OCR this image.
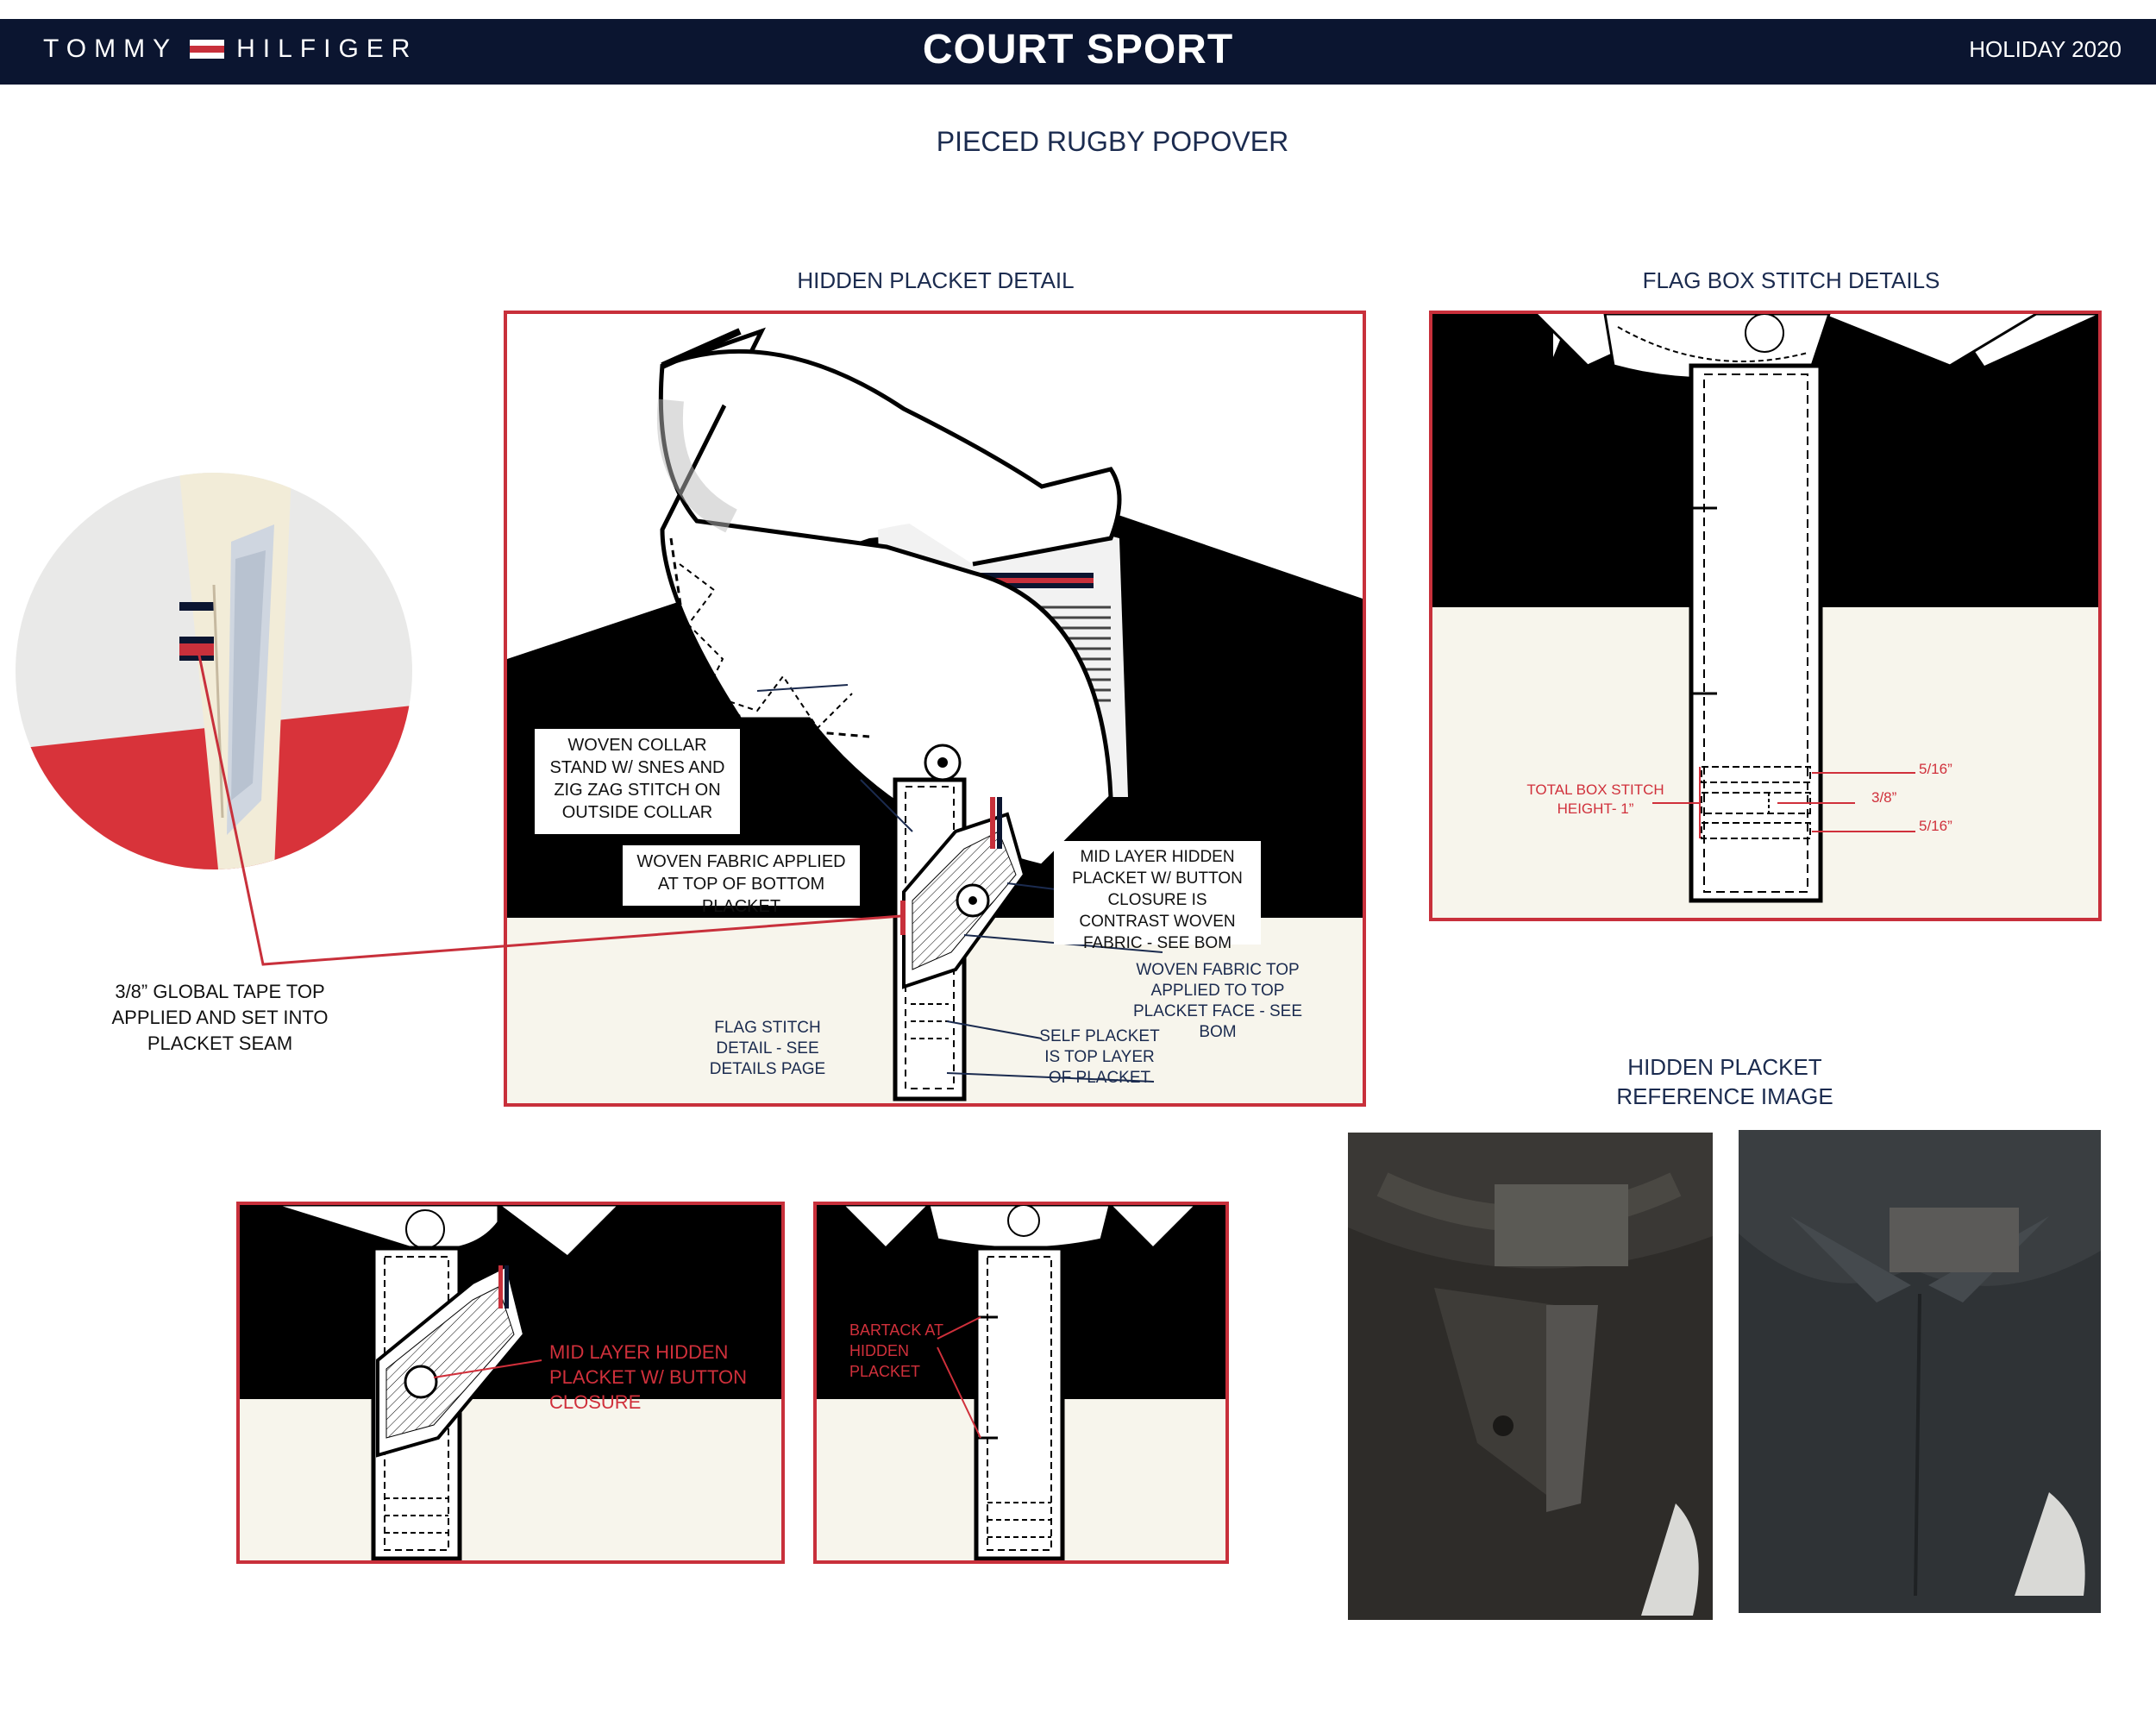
TOMMY HILFIGER	COURT SPORT	HOLIDAY 2020
PIECED RUGBY POPOVER
HIDDEN PLACKET DETAIL	FLAG BOX STITCH DETAILS
HIDDEN PLACKET
REFERENCE IMAGE
3/8” GLOBAL TAPE TOP APPLIED AND SET INTO PLACKET SEAM
WOVEN COLLAR STAND W/ SNES AND ZIG ZAG STITCH ON OUTSIDE COLLAR
WOVEN FABRIC APPLIED AT TOP OF BOTTOM PLACKET
MID LAYER HIDDEN PLACKET W/ BUTTON CLOSURE IS CONTRAST WOVEN FABRIC - SEE BOM
WOVEN FABRIC TOP APPLIED TO TOP PLACKET FACE - SEE BOM
SELF PLACKET IS TOP LAYER OF PLACKET
FLAG STITCH DETAIL - SEE DETAILS PAGE
TOTAL BOX STITCH HEIGHT- 1”
5/16”
3/8”
5/16”
MID LAYER HIDDEN PLACKET W/ BUTTON CLOSURE
BARTACK AT HIDDEN PLACKET
